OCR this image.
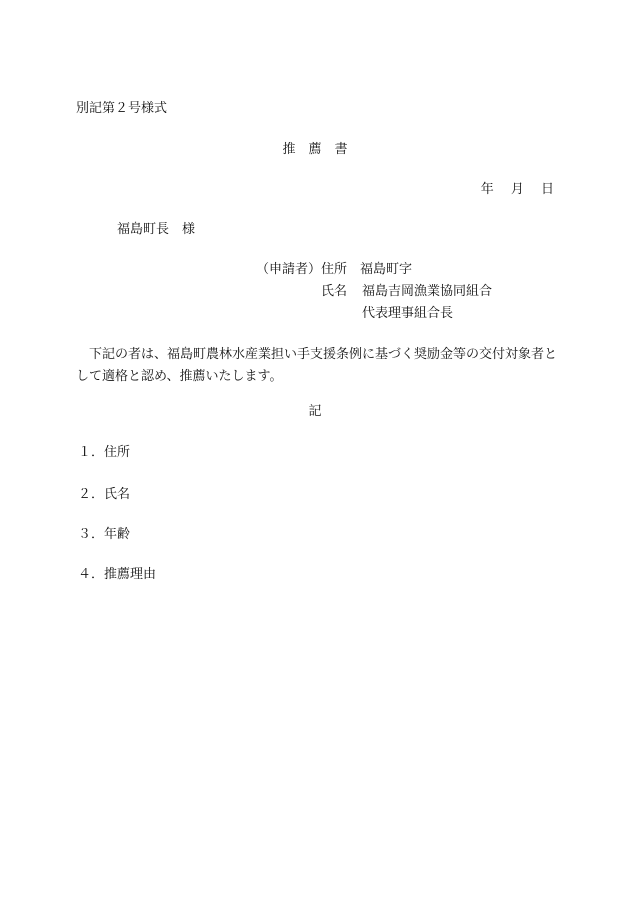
別記第２号様式
推　薦　書
年　 月　 日
福島町長　様
（申請者）住所 福島町字
氏名 福島吉岡漁業協同組合
代表理事組合長

下記の者は、福島町農林水産業担い手支援条例に基づく奨励金等の交付対象者として適格と認め、推薦いたします。

記
１．住所
２．氏名
３．年齢
４．推薦理由
